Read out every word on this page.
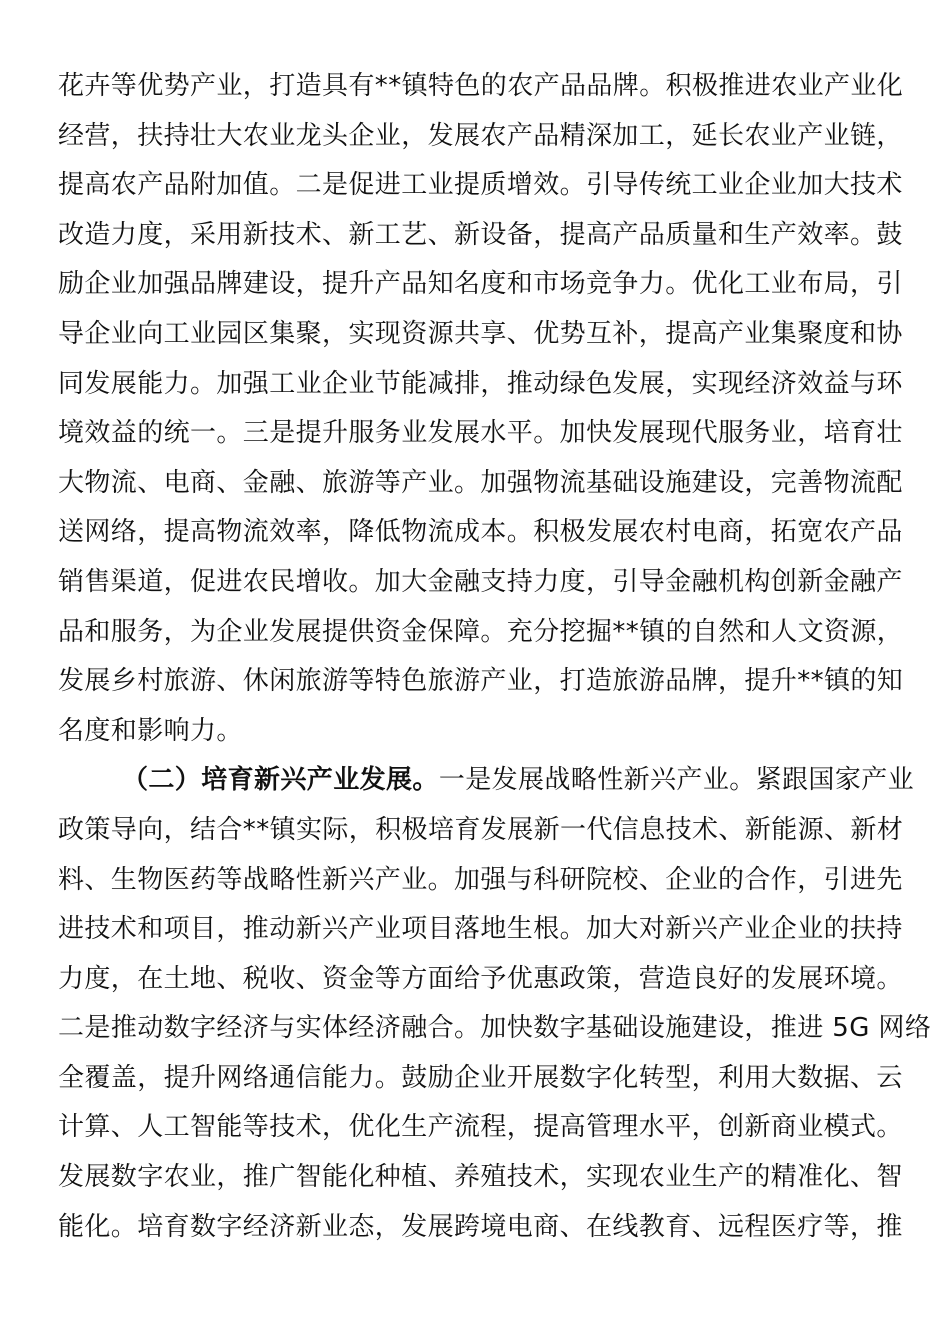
花卉等优势产业，打造具有**镇特色的农产品品牌。积极推进农业产业化
经营，扶持壮大农业龙头企业，发展农产品精深加工，延长农业产业链，
提高农产品附加值。二是促进工业提质增效。引导传统工业企业加大技术
改造力度，采用新技术、新工艺、新设备，提高产品质量和生产效率。鼓
励企业加强品牌建设，提升产品知名度和市场竞争力。优化工业布局，引
导企业向工业园区集聚，实现资源共享、优势互补，提高产业集聚度和协
同发展能力。加强工业企业节能减排，推动绿色发展，实现经济效益与环
境效益的统一。三是提升服务业发展水平。加快发展现代服务业，培育壮
大物流、电商、金融、旅游等产业。加强物流基础设施建设，完善物流配
送网络，提高物流效率，降低物流成本。积极发展农村电商，拓宽农产品
销售渠道，促进农民增收。加大金融支持力度，引导金融机构创新金融产
品和服务，为企业发展提供资金保障。充分挖掘**镇的自然和人文资源，
发展乡村旅游、休闲旅游等特色旅游产业，打造旅游品牌，提升**镇的知
名度和影响力。
（二）培育新兴产业发展。一是发展战略性新兴产业。紧跟国家产业
政策导向，结合**镇实际，积极培育发展新一代信息技术、新能源、新材
料、生物医药等战略性新兴产业。加强与科研院校、企业的合作，引进先
进技术和项目，推动新兴产业项目落地生根。加大对新兴产业企业的扶持
力度，在土地、税收、资金等方面给予优惠政策，营造良好的发展环境。
二是推动数字经济与实体经济融合。加快数字基础设施建设，推进 5G 网络
全覆盖，提升网络通信能力。鼓励企业开展数字化转型，利用大数据、云
计算、人工智能等技术，优化生产流程，提高管理水平，创新商业模式。
发展数字农业，推广智能化种植、养殖技术，实现农业生产的精准化、智
能化。培育数字经济新业态，发展跨境电商、在线教育、远程医疗等，推
